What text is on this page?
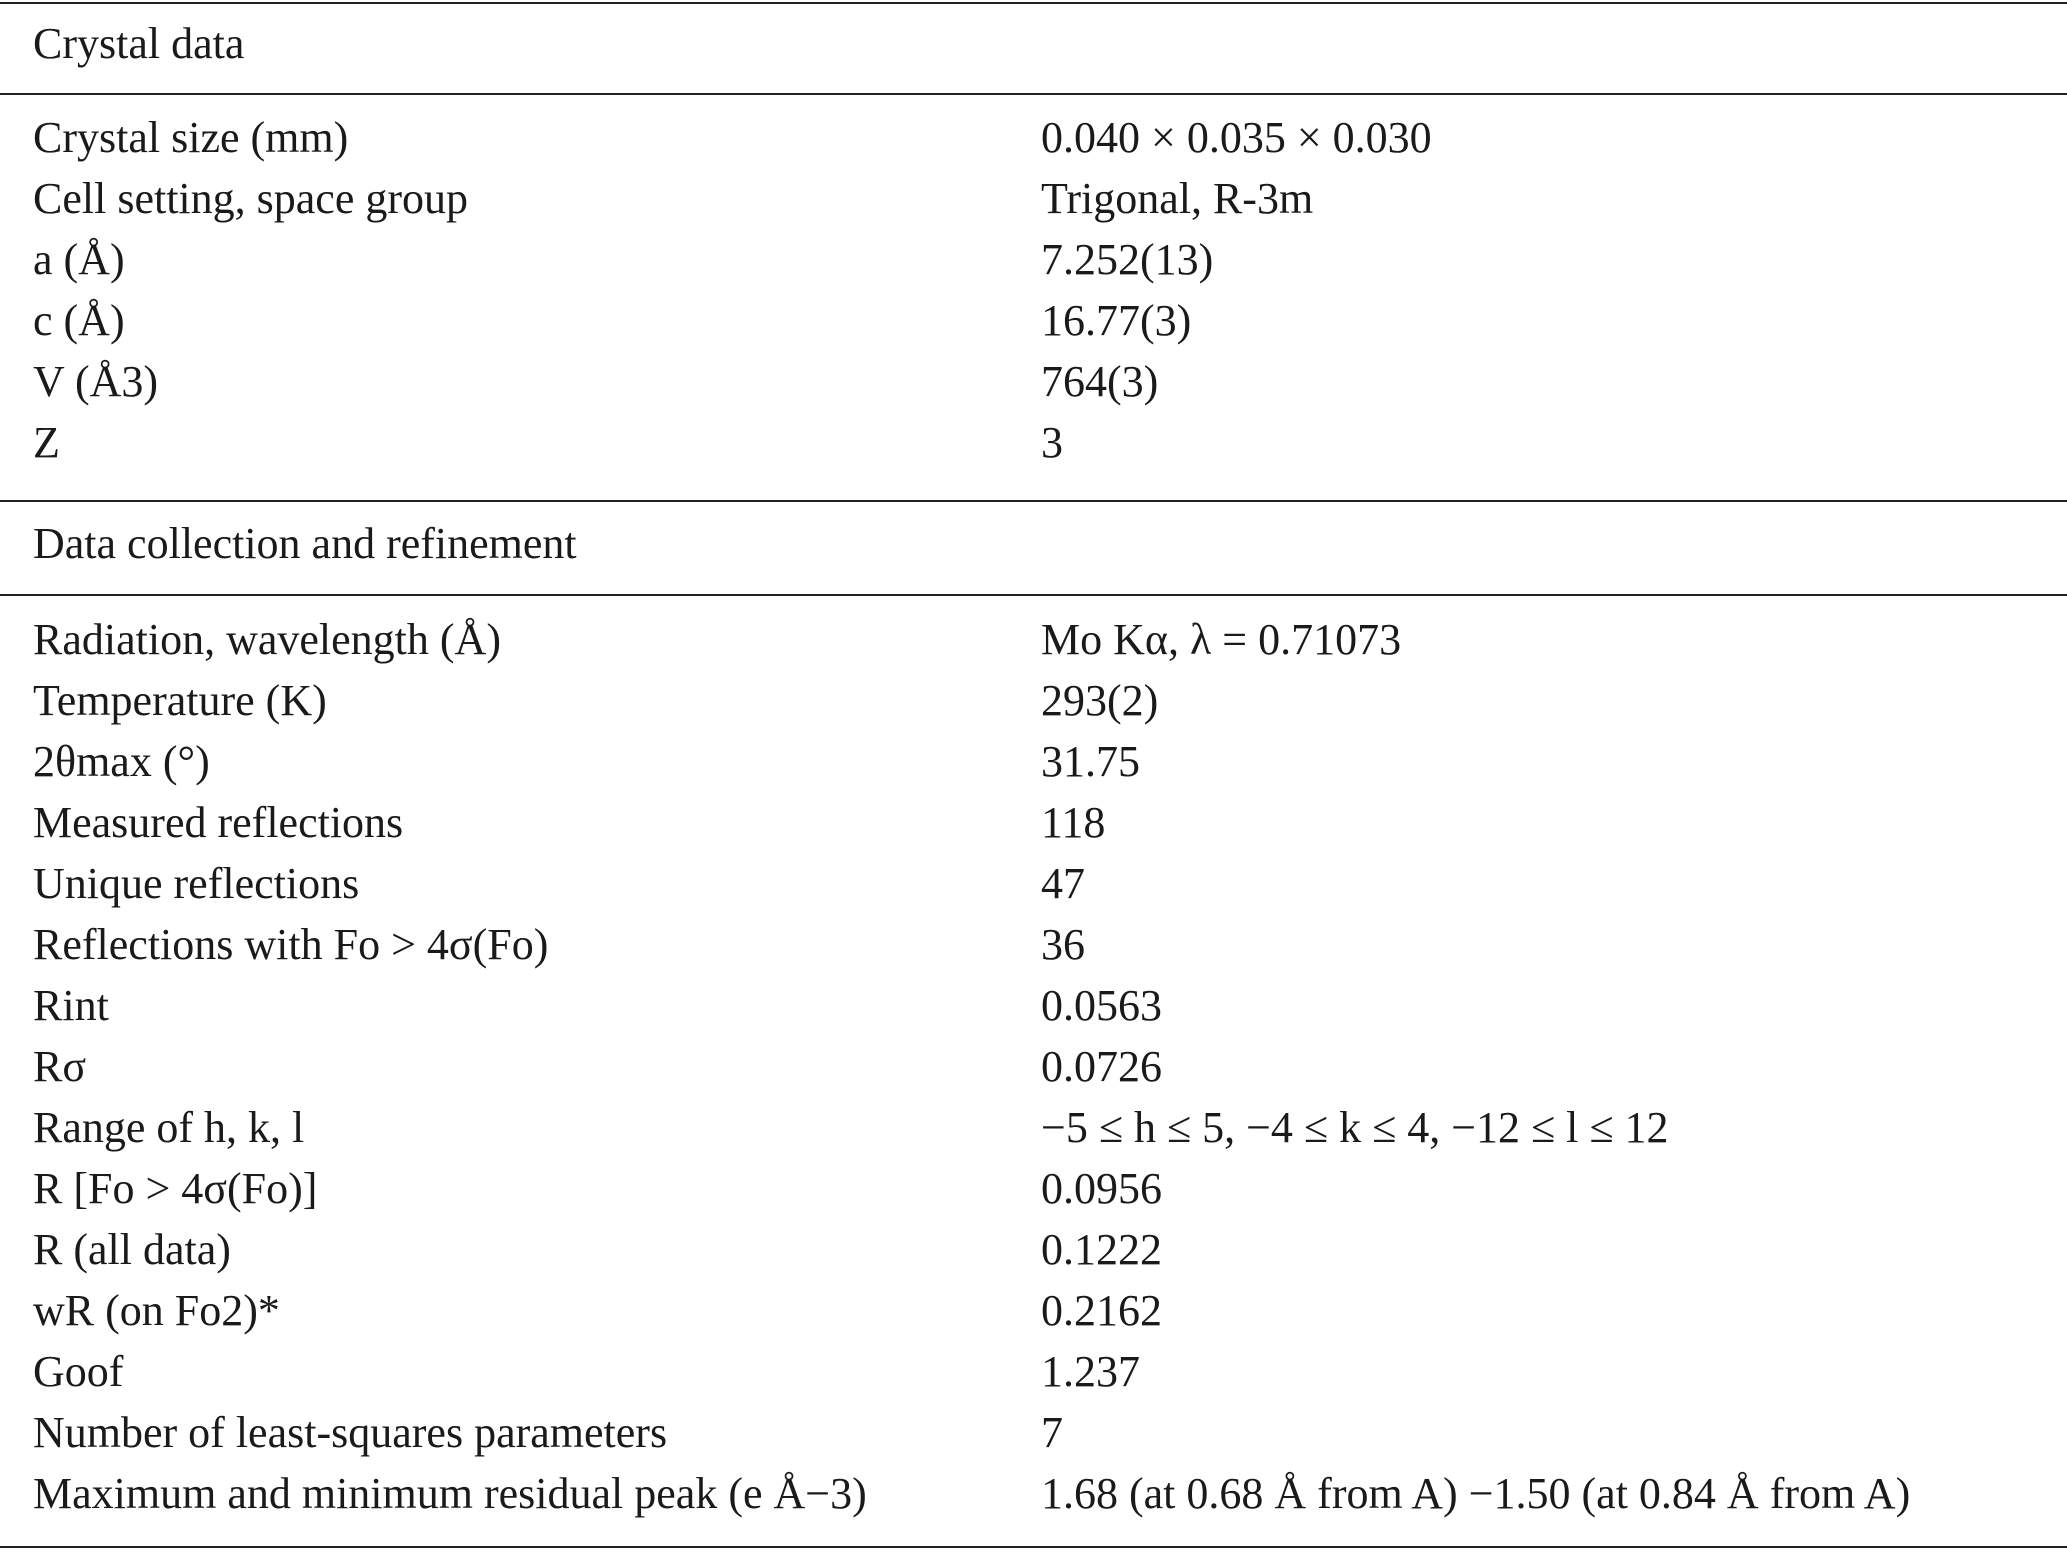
Crystal data
Crystal size (mm)	0.040 × 0.035 × 0.030
Cell setting, space group	Trigonal, R-3m
a (Å)	7.252(13)
c (Å)	16.77(3)
V (Å3)	764(3)
Z	3
Data collection and refinement
Radiation, wavelength (Å)	Mo Kα, λ = 0.71073
Temperature (K)	293(2)
2θmax (°)	31.75
Measured reflections	118
Unique reflections	47
Reflections with Fo > 4σ(Fo)	36
Rint	0.0563
Rσ	0.0726
Range of h, k, l	−5 ≤ h ≤ 5, −4 ≤ k ≤ 4, −12 ≤ l ≤ 12
R [Fo > 4σ(Fo)]	0.0956
R (all data)	0.1222
wR (on Fo2)*	0.2162
Goof	1.237
Number of least-squares parameters	7
Maximum and minimum residual peak (e Å−3)	1.68 (at 0.68 Å from A) −1.50 (at 0.84 Å from A)
